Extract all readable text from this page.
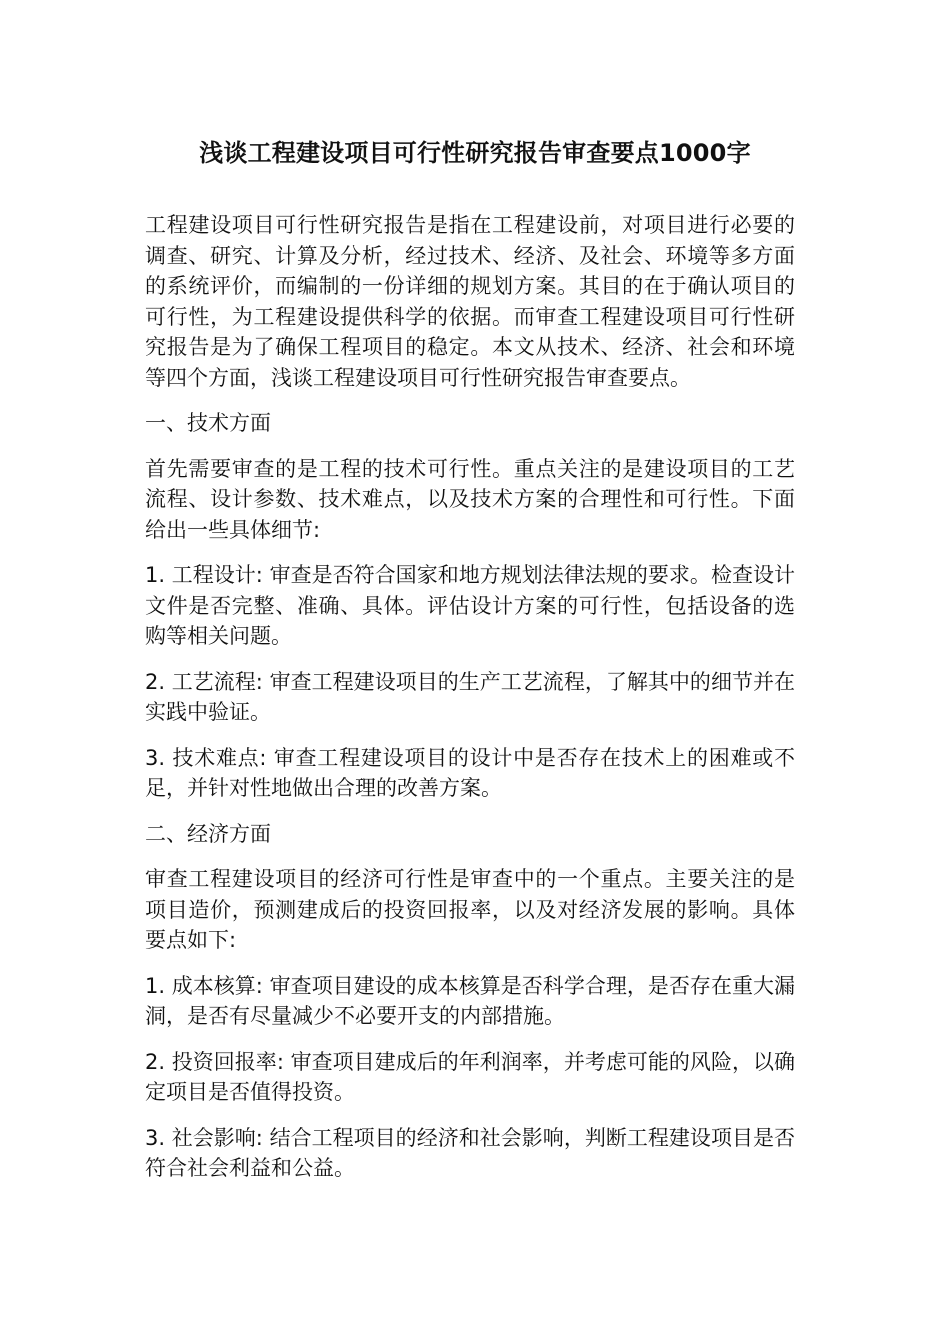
浅谈工程建设项目可行性研究报告审查要点1000字

工程建设项目可行性研究报告是指在工程建设前，对项目进行必要的调查、研究、计算及分析，经过技术、经济、及社会、环境等多方面的系统评价，而编制的一份详细的规划方案。其目的在于确认项目的可行性，为工程建设提供科学的依据。而审查工程建设项目可行性研究报告是为了确保工程项目的稳定。本文从技术、经济、社会和环境等四个方面，浅谈工程建设项目可行性研究报告审查要点。

一、技术方面

首先需要审查的是工程的技术可行性。重点关注的是建设项目的工艺流程、设计参数、技术难点，以及技术方案的合理性和可行性。下面给出一些具体细节:

1. 工程设计: 审查是否符合国家和地方规划法律法规的要求。检查设计文件是否完整、准确、具体。评估设计方案的可行性，包括设备的选购等相关问题。

2. 工艺流程: 审查工程建设项目的生产工艺流程，了解其中的细节并在实践中验证。

3. 技术难点: 审查工程建设项目的设计中是否存在技术上的困难或不足，并针对性地做出合理的改善方案。

二、经济方面

审查工程建设项目的经济可行性是审查中的一个重点。主要关注的是项目造价，预测建成后的投资回报率，以及对经济发展的影响。具体要点如下:

1. 成本核算: 审查项目建设的成本核算是否科学合理，是否存在重大漏洞，是否有尽量减少不必要开支的内部措施。

2. 投资回报率: 审查项目建成后的年利润率，并考虑可能的风险，以确定项目是否值得投资。

3. 社会影响: 结合工程项目的经济和社会影响，判断工程建设项目是否符合社会利益和公益。
